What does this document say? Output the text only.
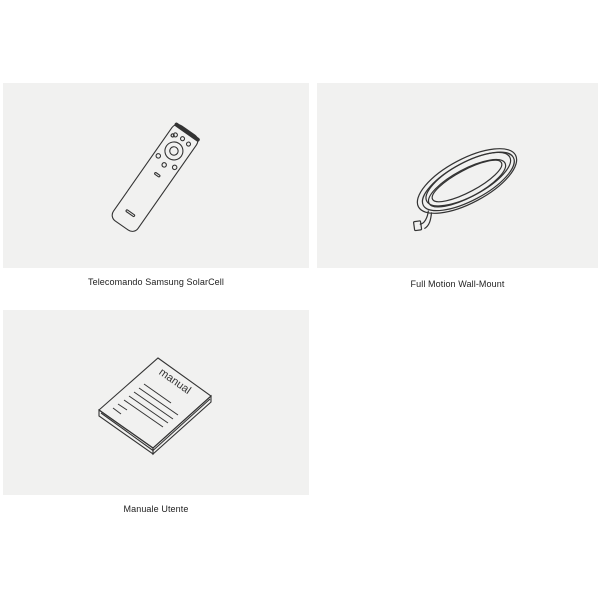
Telecomando Samsung SolarCell	Full Motion Wall-Mount
manual
Manuale Utente
